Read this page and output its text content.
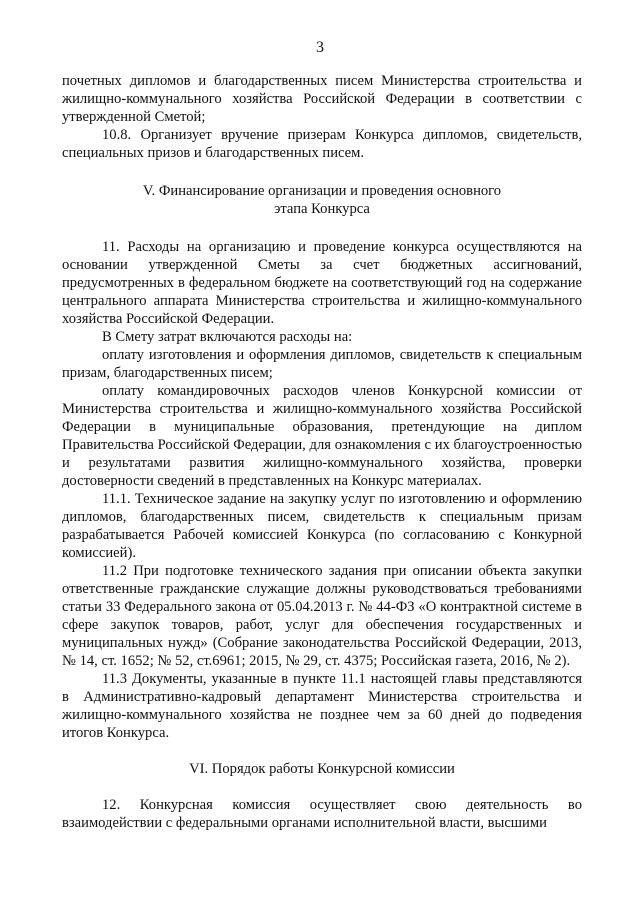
3

почетных дипломов и благодарственных писем Министерства строительства и жилищно-коммунального хозяйства Российской Федерации в соответствии с утвержденной Сметой;

10.8. Организует вручение призерам Конкурса дипломов, свидетельств, специальных призов и благодарственных писем.

V. Финансирование организации и проведения основного

этапа Конкурса

11. Расходы на организацию и проведение конкурса осуществляются на основании утвержденной Сметы за счет бюджетных ассигнований, предусмотренных в федеральном бюджете на соответствующий год на содержание центрального аппарата Министерства строительства и жилищно-коммунального хозяйства Российской Федерации.

В Смету затрат включаются расходы на:

оплату изготовления и оформления дипломов, свидетельств к специальным призам, благодарственных писем;

оплату командировочных расходов членов Конкурсной комиссии от Министерства строительства и жилищно-коммунального хозяйства Российской Федерации в муниципальные образования, претендующие на диплом Правительства Российской Федерации, для ознакомления с их благоустроенностью и результатами развития жилищно-коммунального хозяйства, проверки достоверности сведений в представленных на Конкурс материалах.

11.1. Техническое задание на закупку услуг по изготовлению и оформлению дипломов, благодарственных писем, свидетельств к специальным призам разрабатывается Рабочей комиссией Конкурса (по согласованию с Конкурной комиссией).

11.2 При подготовке технического задания при описании объекта закупки ответственные гражданские служащие должны руководствоваться требованиями статьи 33 Федерального закона от 05.04.2013 г. № 44-ФЗ «О контрактной системе в сфере закупок товаров, работ, услуг для обеспечения государственных и муниципальных нужд» (Собрание законодательства Российской Федерации, 2013, № 14, ст. 1652; № 52, ст.6961; 2015, № 29, ст. 4375; Российская газета, 2016, № 2).

11.3 Документы, указанные в пункте 11.1 настоящей главы представляются в Административно-кадровый департамент Министерства строительства и жилищно-коммунального хозяйства не позднее чем за 60 дней до подведения итогов Конкурса.

VI. Порядок работы Конкурсной комиссии

12. Конкурсная комиссия осуществляет свою деятельность во взаимодействии с федеральными органами исполнительной власти, высшими
